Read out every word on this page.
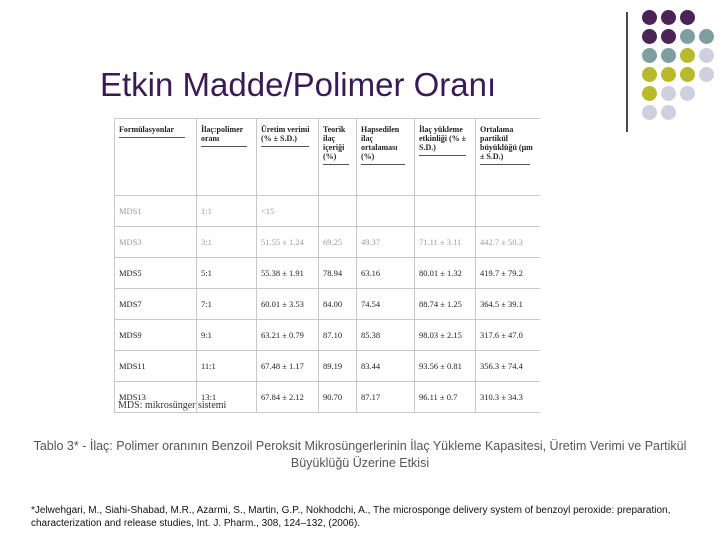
Etkin Madde/Polimer Oranı
Formülasyonlar	İlaç:polimer oranı	Üretim verimi (% ± S.D.)	Teorik ilaç içeriği (%)	Hapsedilen ilaç ortalaması (%)	İlaç yükleme etkinliği (% ± S.D.)	Ortalama partikül büyüklüğü (μm ± S.D.)

MDS1	1:1	<15				
MDS3	3:1	51.55 ± 1.24	69.25	49.37	71.11 ± 3.11	442.7 ± 50.3
MDS5	5:1	55.38 ± 1.91	78.94	63.16	80.01 ± 1.32	419.7 ± 79.2
MDS7	7:1	60.01 ± 3.53	84.00	74.54	88.74 ± 1.25	364.5 ± 39.1
MDS9	9:1	63.21 ± 0.79	87.10	85.38	98.03 ± 2.15	317.6 ± 47.0
MDS11	11:1	67.48 ± 1.17	89.19	83.44	93.56 ± 0.81	356.3 ± 74.4
MDS13	13:1	67.84 ± 2.12	90.70	87.17	96.11 ± 0.7	310.3 ± 34.3
MDS: mikrosünger sistemi
Tablo 3* - İlaç: Polimer oranının Benzoil Peroksit Mikrosüngerlerinin İlaç Yükleme Kapasitesi, Üretim Verimi ve Partikül Büyüklüğü Üzerine Etkisi
*Jelwehgari, M., Siahi-Shabad, M.R., Azarmi, S., Martin, G.P., Nokhodchi, A., The microsponge delivery system of benzoyl peroxide: preparation, characterization and release studies, Int. J. Pharm., 308, 124–132, (2006).
